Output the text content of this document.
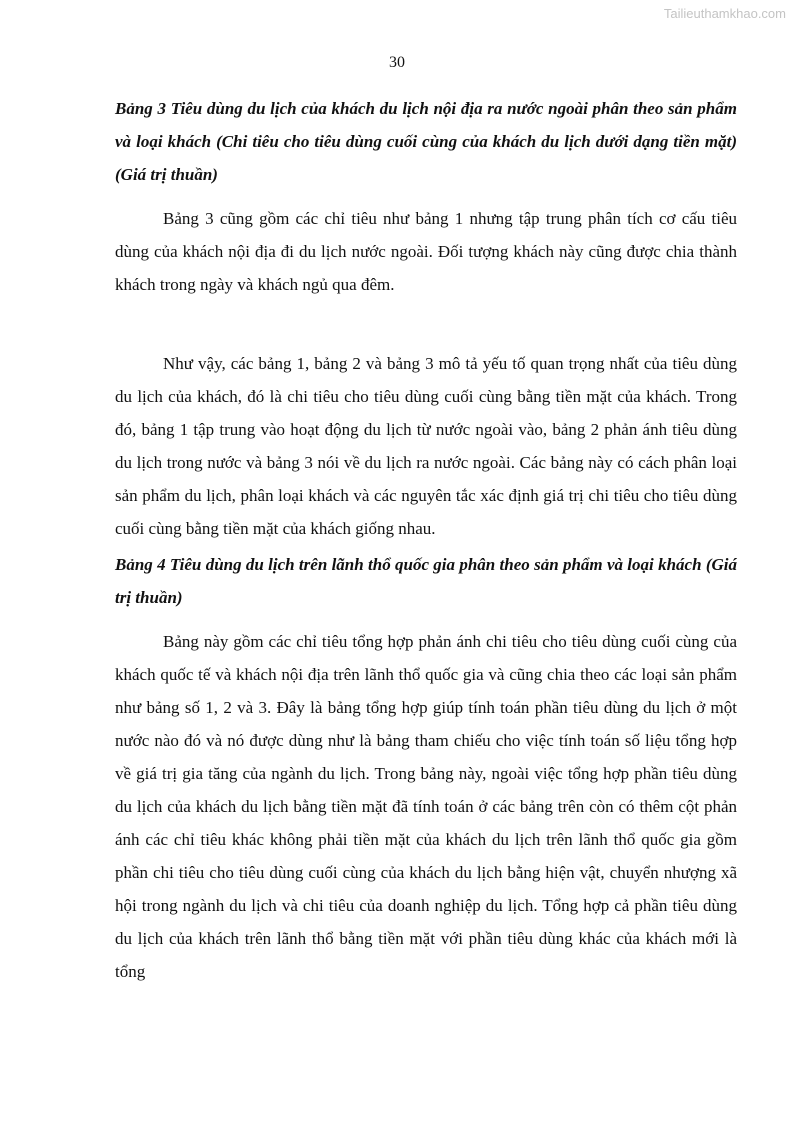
Tailieuthamkhao.com
30

Bảng 3 Tiêu dùng du lịch của khách du lịch nội địa ra nước ngoài phân theo sản phẩm và loại khách (Chi tiêu cho tiêu dùng cuối cùng của khách du lịch dưới dạng tiền mặt)(Giá trị thuần)

Bảng 3 cũng gồm các chỉ tiêu như bảng 1 nhưng tập trung phân tích cơ cấu tiêu dùng của khách nội địa đi du lịch nước ngoài. Đối tượng khách này cũng được chia thành khách trong ngày và khách ngủ qua đêm.

Như vậy, các bảng 1, bảng 2 và bảng 3 mô tả yếu tố quan trọng nhất của tiêu dùng du lịch của khách, đó là chi tiêu cho tiêu dùng cuối cùng bằng tiền mặt của khách. Trong đó, bảng 1 tập trung vào hoạt động du lịch từ nước ngoài vào, bảng 2 phản ánh tiêu dùng du lịch trong nước và bảng 3 nói về du lịch ra nước ngoài. Các bảng này có cách phân loại sản phẩm du lịch, phân loại khách và các nguyên tắc xác định giá trị chi tiêu cho tiêu dùng cuối cùng bằng tiền mặt của khách giống nhau.

Bảng 4 Tiêu dùng du lịch trên lãnh thổ quốc gia phân theo sản phẩm và loại khách (Giá trị thuần)

Bảng này gồm các chỉ tiêu tổng hợp phản ánh chi tiêu cho tiêu dùng cuối cùng của khách quốc tế và khách nội địa trên lãnh thổ quốc gia và cũng chia theo các loại sản phẩm như bảng số 1, 2 và 3. Đây là bảng tổng hợp giúp tính toán phần tiêu dùng du lịch ở một nước nào đó và nó được dùng như là bảng tham chiếu cho việc tính toán số liệu tổng hợp về giá trị gia tăng của ngành du lịch. Trong bảng này, ngoài việc tổng hợp phần tiêu dùng du lịch của khách du lịch bằng tiền mặt đã tính toán ở các bảng trên còn có thêm cột phản ánh các chỉ tiêu khác không phải tiền mặt của khách du lịch trên lãnh thổ quốc gia gồm phần chi tiêu cho tiêu dùng cuối cùng của khách du lịch bằng hiện vật, chuyển nhượng xã hội trong ngành du lịch và chi tiêu của doanh nghiệp du lịch. Tổng hợp cả phần tiêu dùng du lịch của khách trên lãnh thổ bằng tiền mặt với phần tiêu dùng khác của khách mới là tổng
